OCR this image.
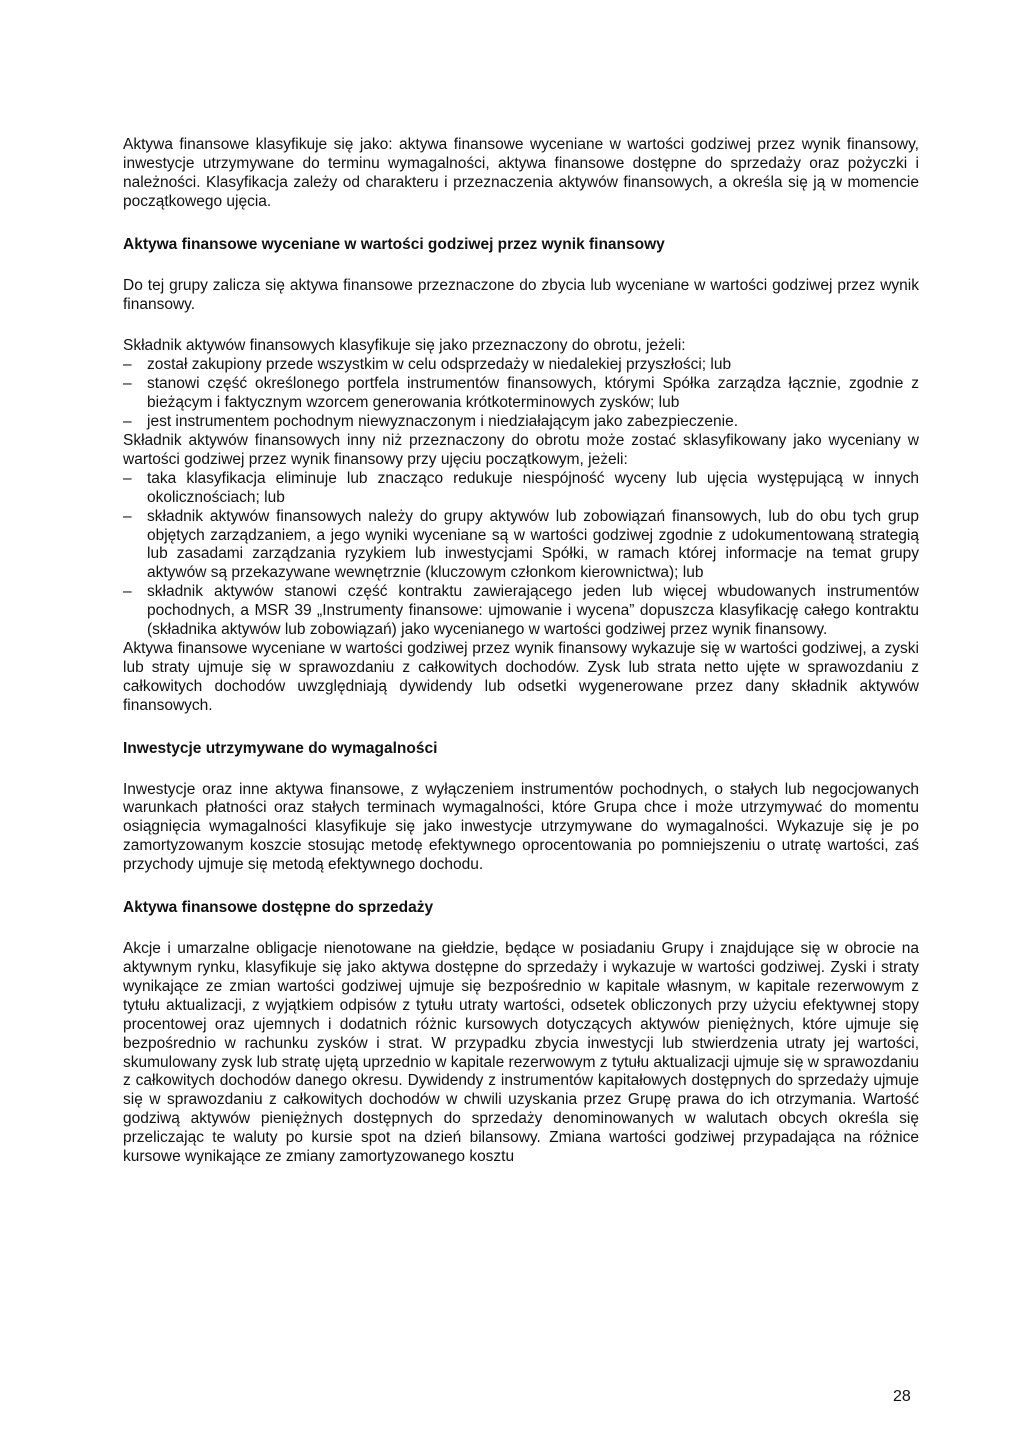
Aktywa finansowe klasyfikuje się jako: aktywa finansowe wyceniane w wartości godziwej przez wynik finansowy, inwestycje utrzymywane do terminu wymagalności, aktywa finansowe dostępne do sprzedaży oraz pożyczki i należności. Klasyfikacja zależy od charakteru i przeznaczenia aktywów finansowych, a określa się ją w momencie początkowego ujęcia.

Aktywa finansowe wyceniane w wartości godziwej przez wynik finansowy

Do tej grupy zalicza się aktywa finansowe przeznaczone do zbycia lub wyceniane w wartości godziwej przez wynik finansowy.

Składnik aktywów finansowych klasyfikuje się jako przeznaczony do obrotu, jeżeli:

– został zakupiony przede wszystkim w celu odsprzedaży w niedalekiej przyszłości; lub
– stanowi część określonego portfela instrumentów finansowych, którymi Spółka zarządza łącznie, zgodnie z bieżącym i faktycznym wzorcem generowania krótkoterminowych zysków; lub
– jest instrumentem pochodnym niewyznaczonym i niedziałającym jako zabezpieczenie.

Składnik aktywów finansowych inny niż przeznaczony do obrotu może zostać sklasyfikowany jako wyceniany w wartości godziwej przez wynik finansowy przy ujęciu początkowym, jeżeli:

– taka klasyfikacja eliminuje lub znacząco redukuje niespójność wyceny lub ujęcia występującą w innych okolicznościach; lub
– składnik aktywów finansowych należy do grupy aktywów lub zobowiązań finansowych, lub do obu tych grup objętych zarządzaniem, a jego wyniki wyceniane są w wartości godziwej zgodnie z udokumentowaną strategią lub zasadami zarządzania ryzykiem lub inwestycjami Spółki, w ramach której informacje na temat grupy aktywów są przekazywane wewnętrznie (kluczowym członkom kierownictwa); lub
– składnik aktywów stanowi część kontraktu zawierającego jeden lub więcej wbudowanych instrumentów pochodnych, a MSR 39 „Instrumenty finansowe: ujmowanie i wycena” dopuszcza klasyfikację całego kontraktu (składnika aktywów lub zobowiązań) jako wycenianego w wartości godziwej przez wynik finansowy.

Aktywa finansowe wyceniane w wartości godziwej przez wynik finansowy wykazuje się w wartości godziwej, a zyski lub straty ujmuje się w sprawozdaniu z całkowitych dochodów. Zysk lub strata netto ujęte w sprawozdaniu z całkowitych dochodów uwzględniają dywidendy lub odsetki wygenerowane przez dany składnik aktywów finansowych.

Inwestycje utrzymywane do wymagalności

Inwestycje oraz inne aktywa finansowe, z wyłączeniem instrumentów pochodnych, o stałych lub negocjowanych warunkach płatności oraz stałych terminach wymagalności, które Grupa chce i może utrzymywać do momentu osiągnięcia wymagalności klasyfikuje się jako inwestycje utrzymywane do wymagalności. Wykazuje się je po zamortyzowanym koszcie stosując metodę efektywnego oprocentowania po pomniejszeniu o utratę wartości, zaś przychody ujmuje się metodą efektywnego dochodu.

Aktywa finansowe dostępne do sprzedaży

Akcje i umarzalne obligacje nienotowane na giełdzie, będące w posiadaniu Grupy i znajdujące się w obrocie na aktywnym rynku, klasyfikuje się jako aktywa dostępne do sprzedaży i wykazuje w wartości godziwej. Zyski i straty wynikające ze zmian wartości godziwej ujmuje się bezpośrednio w kapitale własnym, w kapitale rezerwowym z tytułu aktualizacji, z wyjątkiem odpisów z tytułu utraty wartości, odsetek obliczonych przy użyciu efektywnej stopy procentowej oraz ujemnych i dodatnich różnic kursowych dotyczących aktywów pieniężnych, które ujmuje się bezpośrednio w rachunku zysków i strat. W przypadku zbycia inwestycji lub stwierdzenia utraty jej wartości, skumulowany zysk lub stratę ujętą uprzednio w kapitale rezerwowym z tytułu aktualizacji ujmuje się w sprawozdaniu z całkowitych dochodów danego okresu. Dywidendy z instrumentów kapitałowych dostępnych do sprzedaży ujmuje się w sprawozdaniu z całkowitych dochodów w chwili uzyskania przez Grupę prawa do ich otrzymania. Wartość godziwą aktywów pieniężnych dostępnych do sprzedaży denominowanych w walutach obcych określa się przeliczając te waluty po kursie spot na dzień bilansowy. Zmiana wartości godziwej przypadająca na różnice kursowe wynikające ze zmiany zamortyzowanego kosztu

28
